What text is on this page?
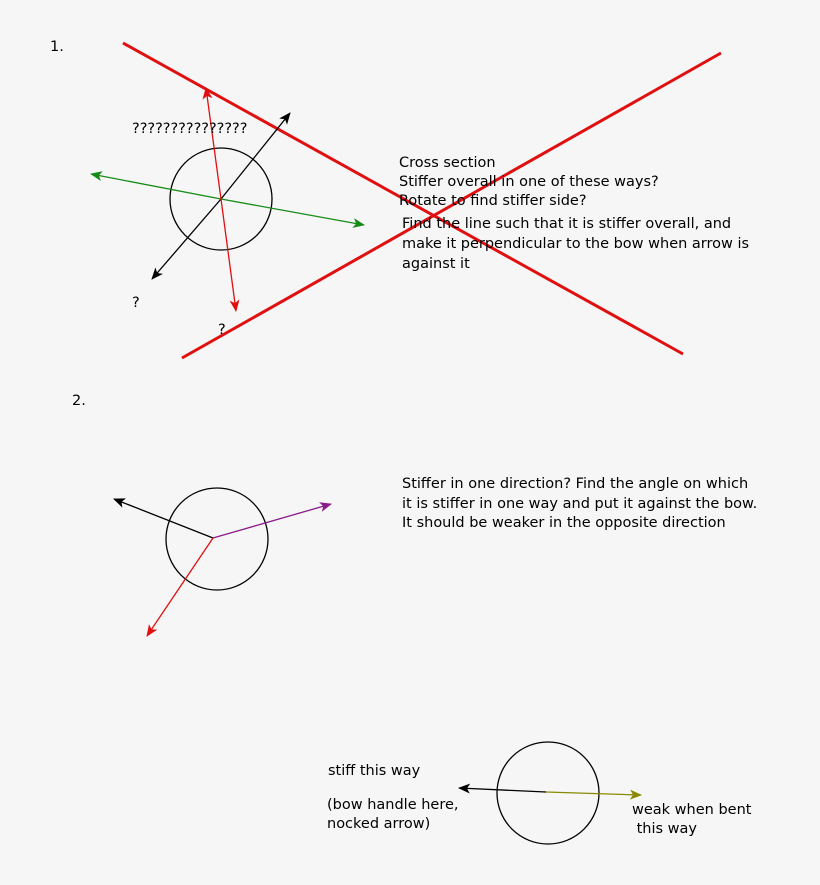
1.
???????????????
?
?
Cross section
Stiffer overall in one of these ways?
Rotate to find stiffer side?
Find the line such that it is stiffer overall, and
make it perpendicular to the bow when arrow is
against it
2.
Stiffer in one direction? Find the angle on which
it is stiffer in one way and put it against the bow.
It should be weaker in the opposite direction
stiff this way
(bow handle here,
nocked arrow)
weak when bent
this way
